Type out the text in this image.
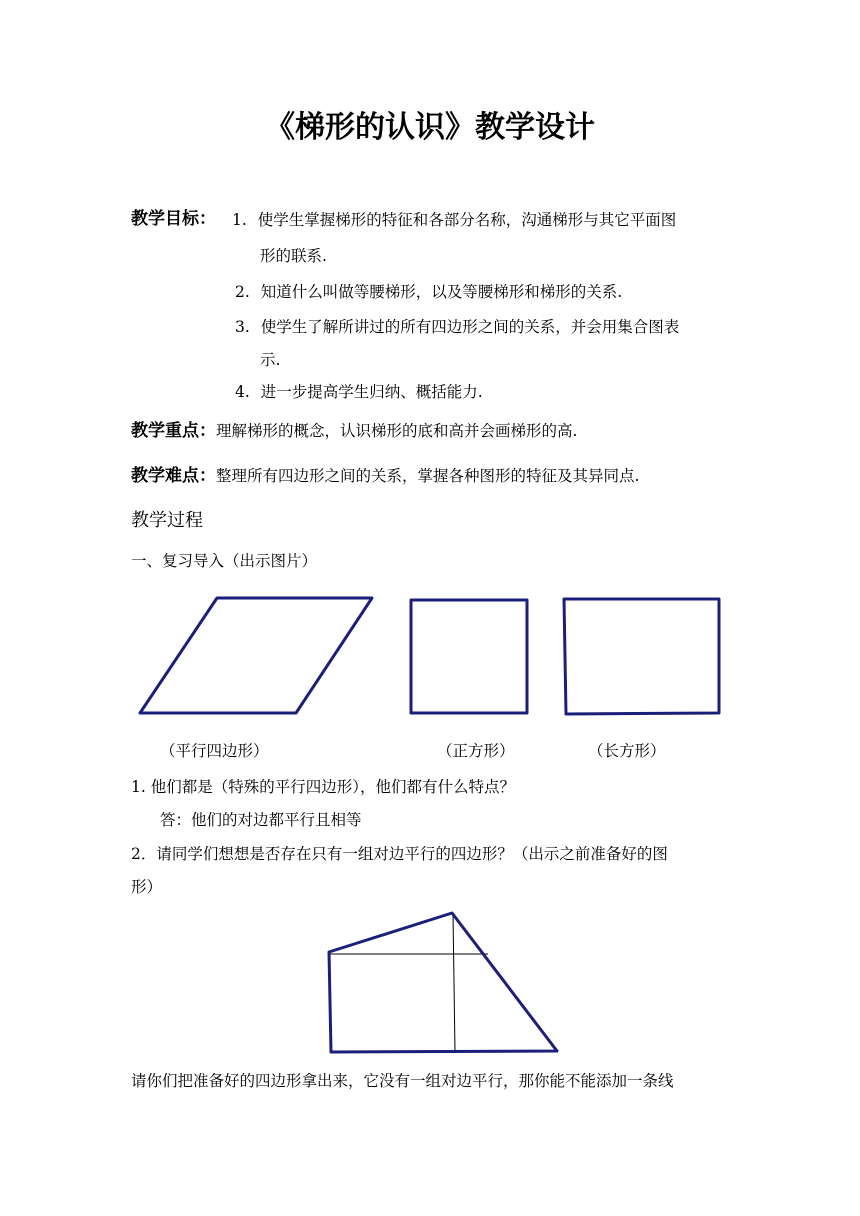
《梯形的认识》教学设计
教学目标： 1. 使学生掌握梯形的特征和各部分名称，沟通梯形与其它平面图
形的联系.
2. 知道什么叫做等腰梯形，以及等腰梯形和梯形的关系.
3. 使学生了解所讲过的所有四边形之间的关系，并会用集合图表
示.
4. 进一步提高学生归纳、概括能力.
教学重点：理解梯形的概念，认识梯形的底和高并会画梯形的高.
教学难点：整理所有四边形之间的关系，掌握各种图形的特征及其异同点.
教学过程
一、复习导入（出示图片）
（平行四边形）	（正方形）	（长方形）
1. 他们都是（特殊的平行四边形），他们都有什么特点？
答：他们的对边都平行且相等
2．请同学们想想是否存在只有一组对边平行的四边形？（出示之前准备好的图
形）
请你们把准备好的四边形拿出来，它没有一组对边平行，那你能不能添加一条线
